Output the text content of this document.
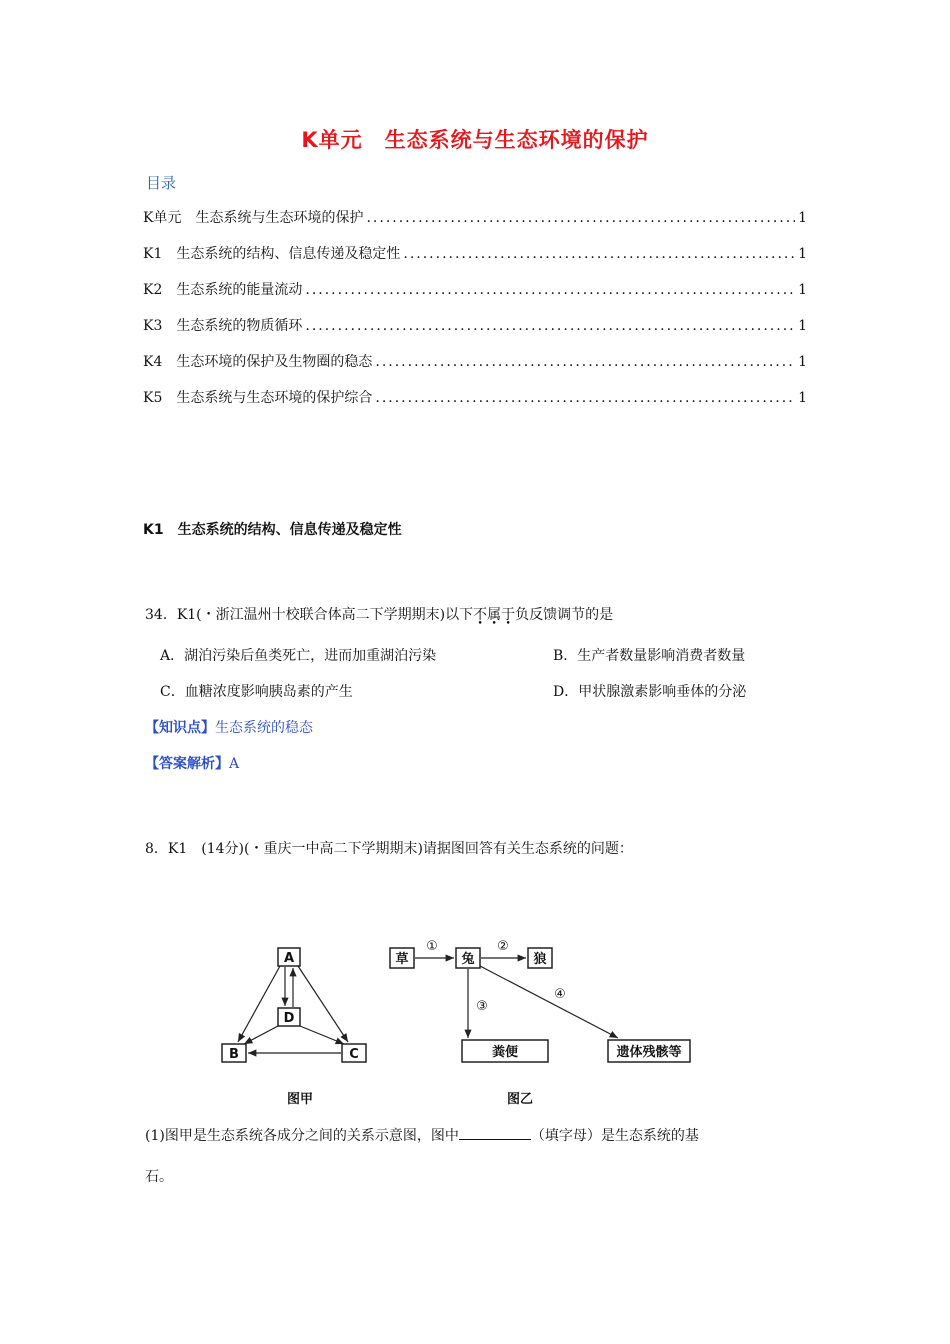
K单元　生态系统与生态环境的保护
目录
K单元　生态系统与生态环境的保护 .....	1
K1　生态系统的结构、信息传递及稳定性 .....	1
K2　生态系统的能量流动 .....	1
K3　生态系统的物质循环 .....	1
K4　生态环境的保护及生物圈的稳态 .....	1
K5　生态系统与生态环境的保护综合 .....	1
K1　生态系统的结构、信息传递及稳定性
34．K1(・浙江温州十校联合体高二下学期期末)以下不属于负反馈调节的是
A．湖泊污染后鱼类死亡，进而加重湖泊污染	B．生产者数量影响消费者数量
C．血糖浓度影响胰岛素的产生	D．甲状腺激素影响垂体的分泌
【知识点】生态系统的稳态
【答案解析】A
8．K1　(14分)(・重庆一中高二下学期期末)请据图回答有关生态系统的问题：
A
D
B	C
图甲
草	兔	狼
粪便	遗体残骸等
①	②
③
④
图乙
(1)图甲是生态系统各成分之间的关系示意图，图中	（填字母）是生态系统的基
石。
